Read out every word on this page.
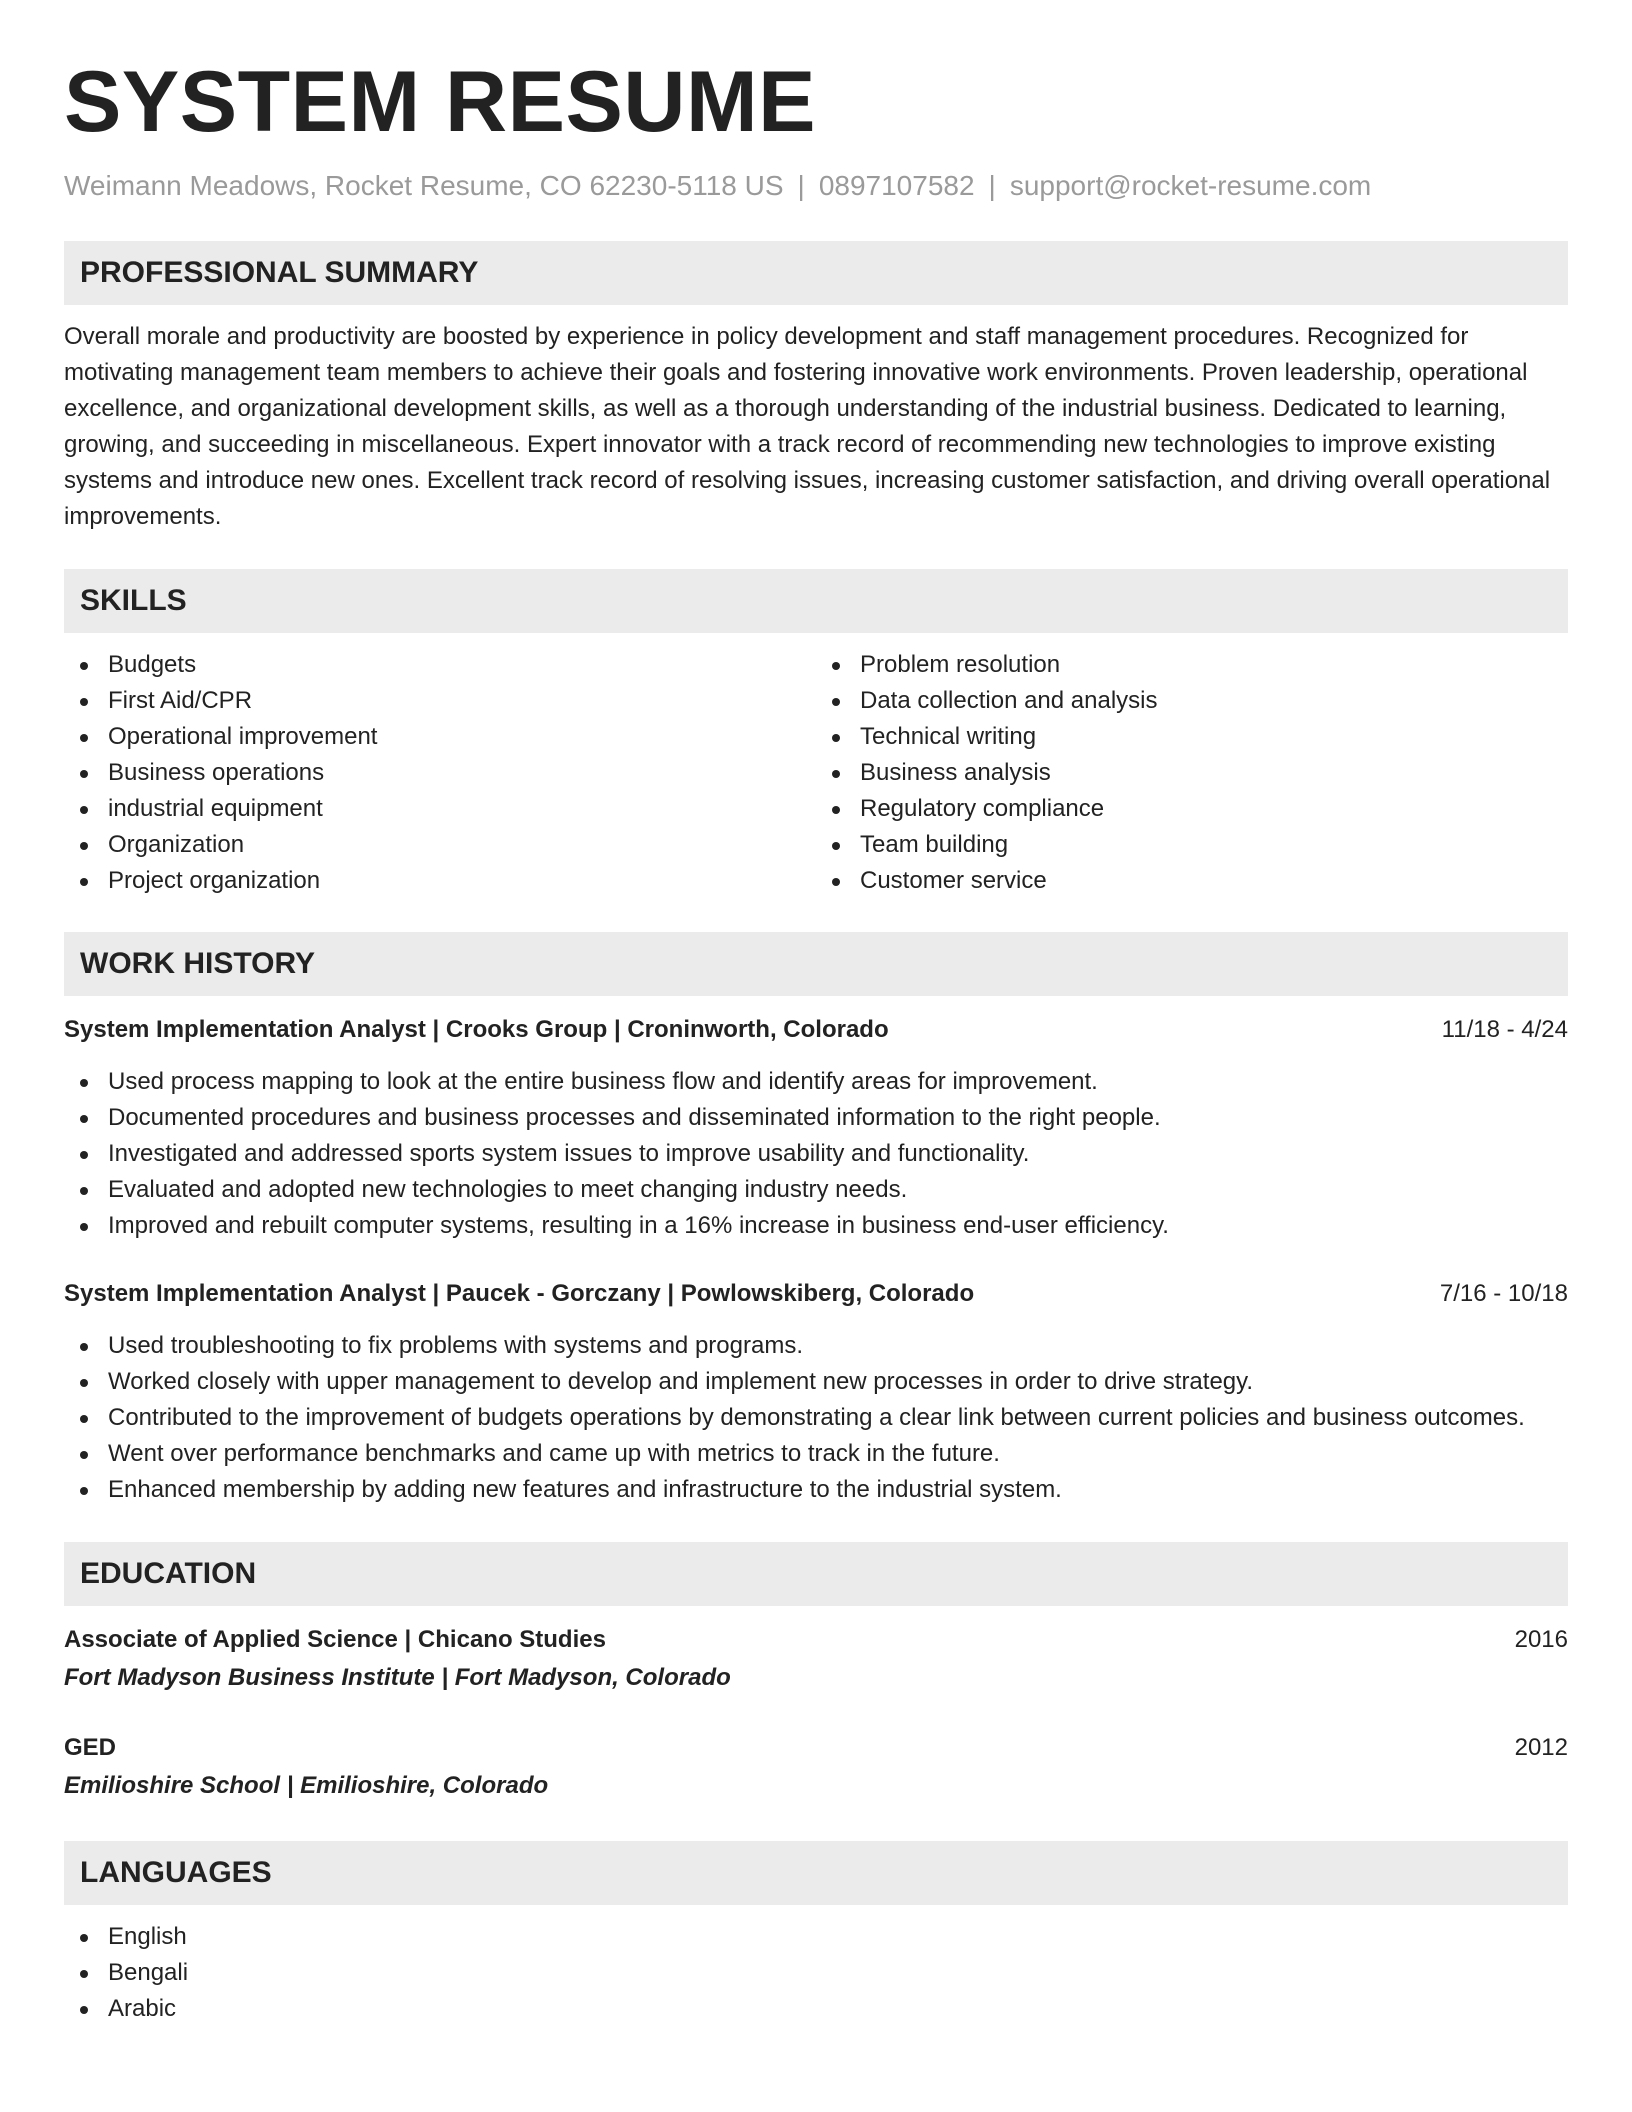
SYSTEM RESUME
Weimann Meadows, Rocket Resume, CO 62230-5118 US | 0897107582 | support@rocket-resume.com
PROFESSIONAL SUMMARY

Overall morale and productivity are boosted by experience in policy development and staff management procedures. Recognized for motivating management team members to achieve their goals and fostering innovative work environments. Proven leadership, operational excellence, and organizational development skills, as well as a thorough understanding of the industrial business. Dedicated to learning, growing, and succeeding in miscellaneous. Expert innovator with a track record of recommending new technologies to improve existing systems and introduce new ones. Excellent track record of resolving issues, increasing customer satisfaction, and driving overall operational improvements.

SKILLS
Budgets
First Aid/CPR
Operational improvement
Business operations
industrial equipment
Organization
Project organization
Problem resolution
Data collection and analysis
Technical writing
Business analysis
Regulatory compliance
Team building
Customer service
WORK HISTORY
System Implementation Analyst | Crooks Group | Croninworth, Colorado	11/18 - 4/24
Used process mapping to look at the entire business flow and identify areas for improvement.
Documented procedures and business processes and disseminated information to the right people.
Investigated and addressed sports system issues to improve usability and functionality.
Evaluated and adopted new technologies to meet changing industry needs.
Improved and rebuilt computer systems, resulting in a 16% increase in business end-user efficiency.
System Implementation Analyst | Paucek - Gorczany | Powlowskiberg, Colorado	7/16 - 10/18
Used troubleshooting to fix problems with systems and programs.
Worked closely with upper management to develop and implement new processes in order to drive strategy.
Contributed to the improvement of budgets operations by demonstrating a clear link between current policies and business outcomes.
Went over performance benchmarks and came up with metrics to track in the future.
Enhanced membership by adding new features and infrastructure to the industrial system.
EDUCATION
Associate of Applied Science | Chicano Studies	2016
Fort Madyson Business Institute | Fort Madyson, Colorado
GED	2012
Emilioshire School | Emilioshire, Colorado
LANGUAGES
English
Bengali
Arabic
